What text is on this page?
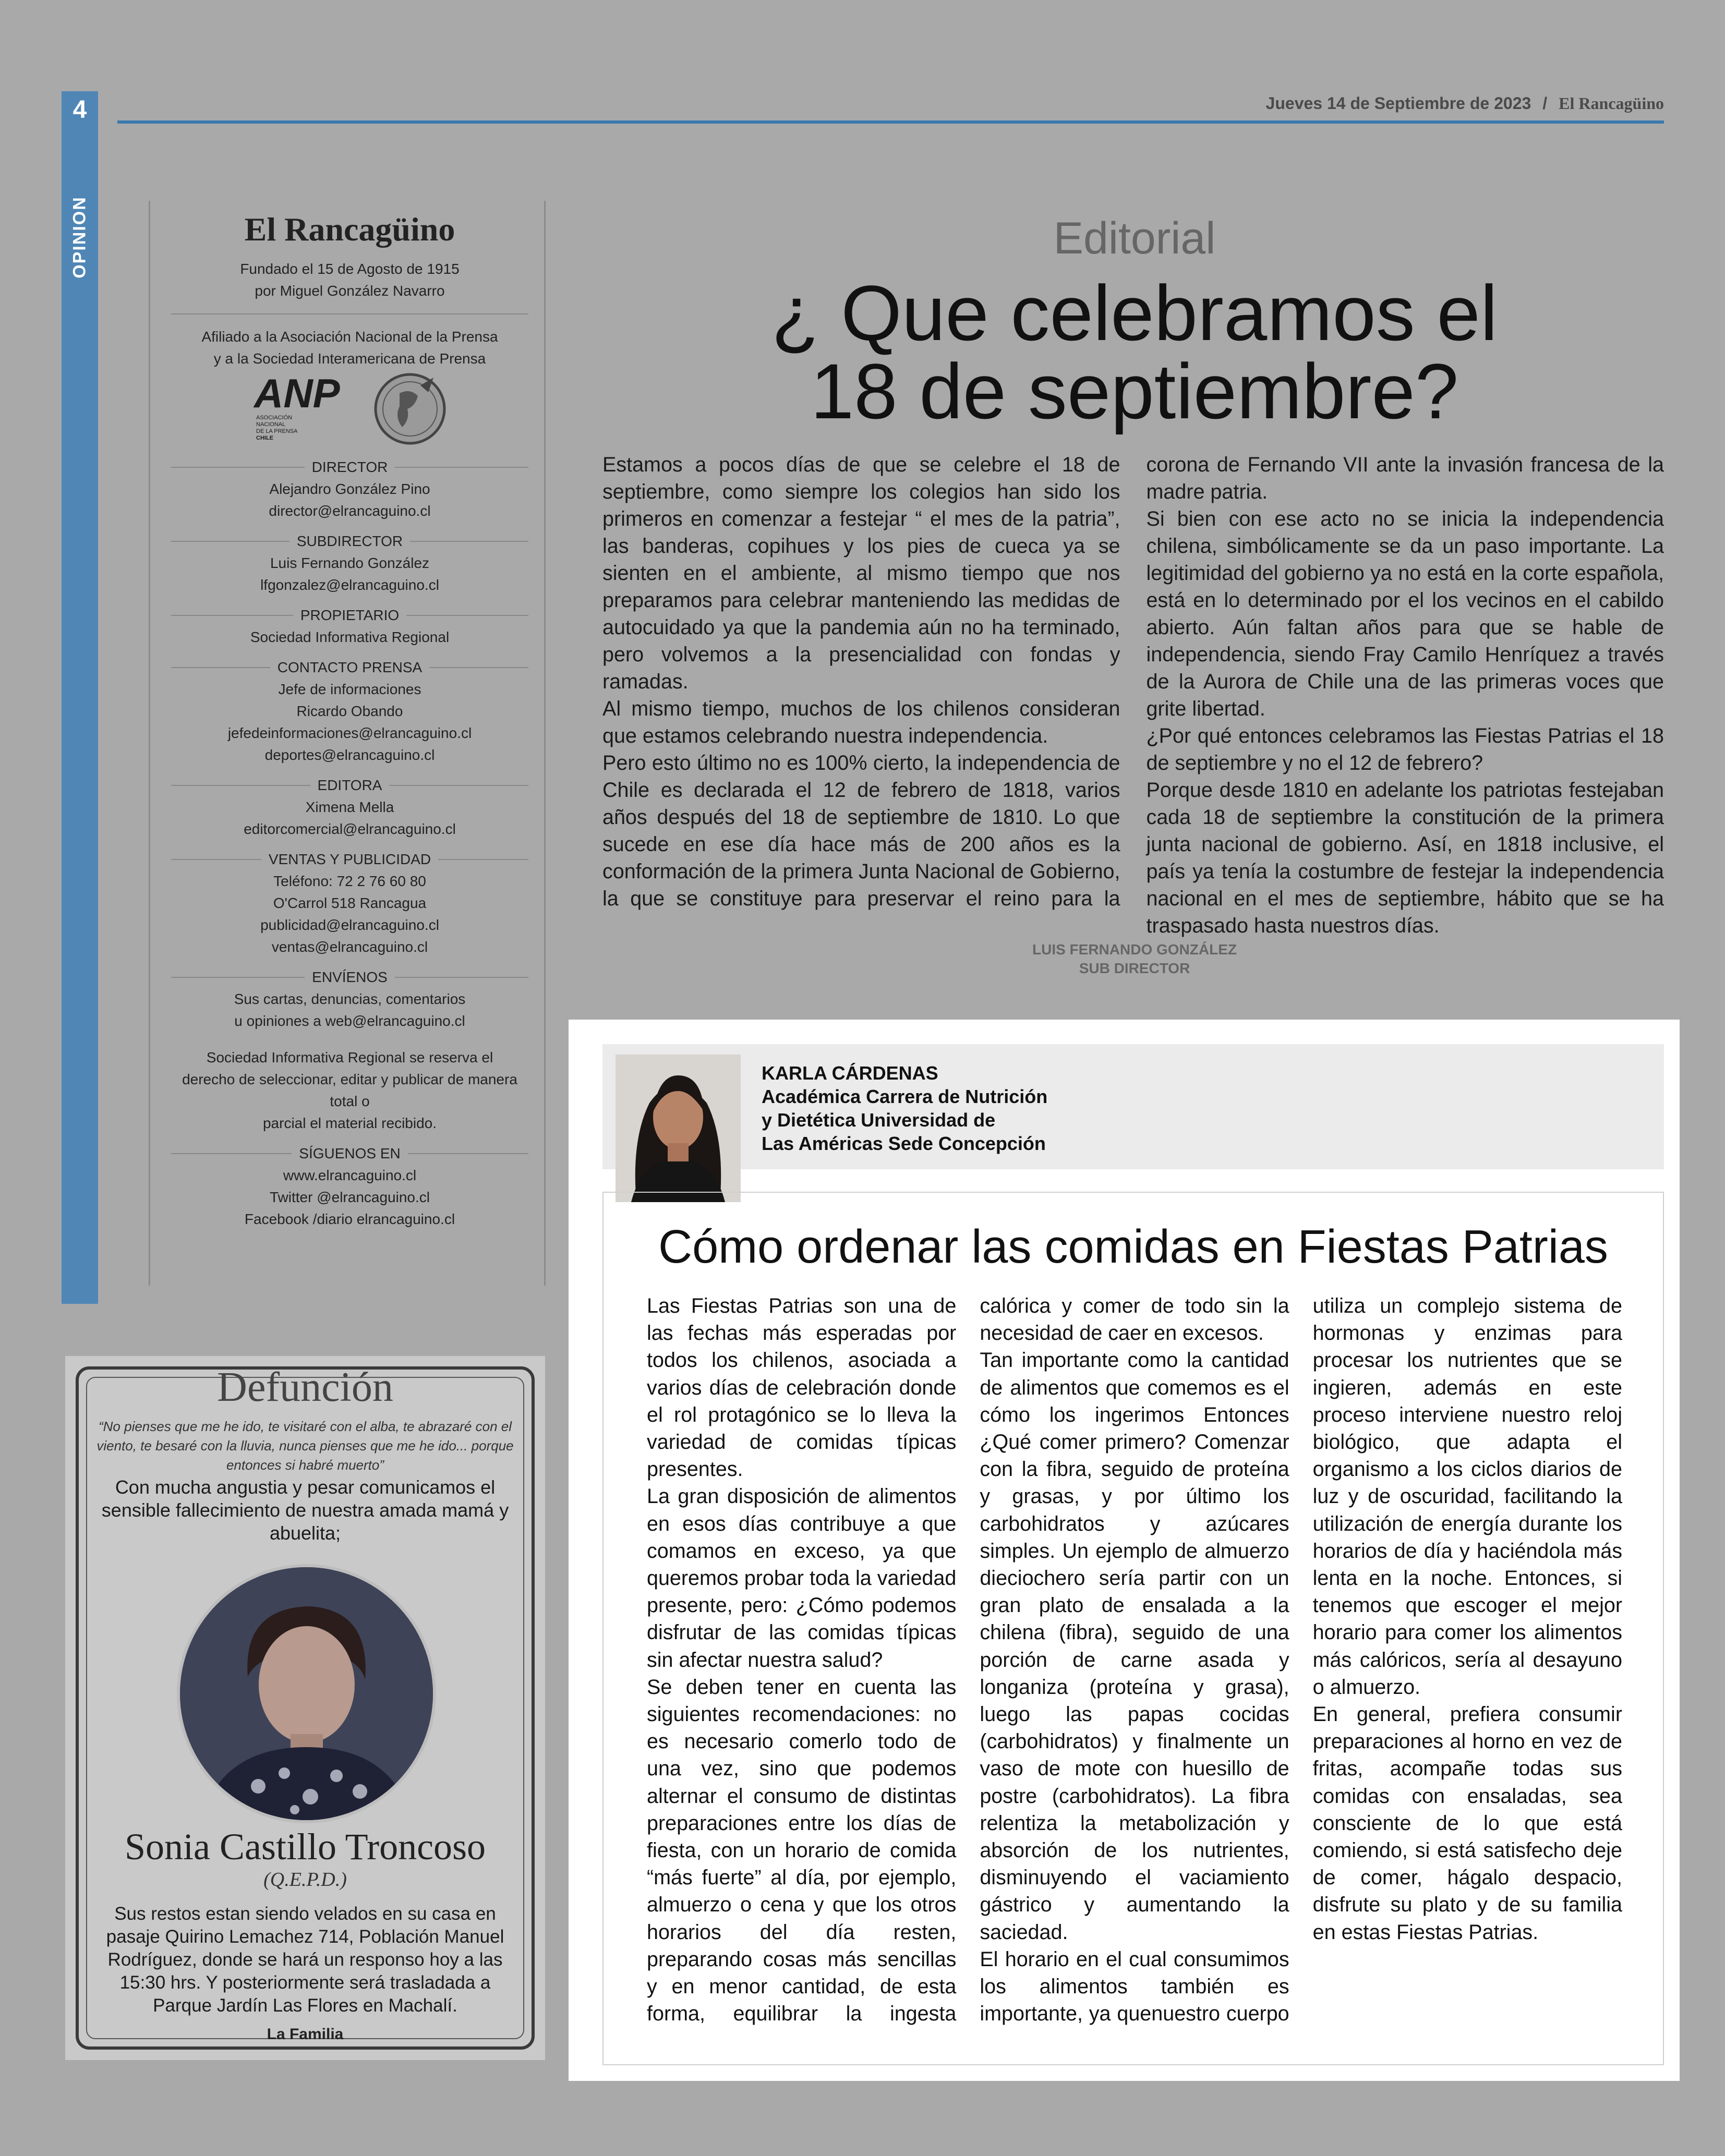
4
OPINION
Jueves 14 de Septiembre de 2023 / El Rancagüino
El Rancagüino
Fundado el 15 de Agosto de 1915
por Miguel González Navarro
Afiliado a la Asociación Nacional de la Prensa
y a la Sociedad Interamericana de Prensa
ANP
ASOCIACIÓN
NACIONAL
DE LA PRENSA
CHILE
DIRECTOR
Alejandro González Pino
director@elrancaguino.cl
SUBDIRECTOR
Luis Fernando González
lfgonzalez@elrancaguino.cl
PROPIETARIO
Sociedad Informativa Regional
CONTACTO PRENSA
Jefe de informaciones
Ricardo Obando
jefedeinformaciones@elrancaguino.cl
deportes@elrancaguino.cl
EDITORA
Ximena Mella
editorcomercial@elrancaguino.cl
VENTAS Y PUBLICIDAD
Teléfono: 72 2 76 60 80
O'Carrol 518 Rancagua
publicidad@elrancaguino.cl
ventas@elrancaguino.cl
ENVÍENOS
Sus cartas, denuncias, comentarios
u opiniones a web@elrancaguino.cl
Sociedad Informativa Regional se reserva el
derecho de seleccionar, editar y publicar de manera total o
parcial el material recibido.
SÍGUENOS EN
www.elrancaguino.cl
Twitter @elrancaguino.cl
Facebook /diario elrancaguino.cl
Editorial
¿ Que celebramos el
18 de septiembre?

Estamos a pocos días de que se celebre el 18 de septiembre, como siempre los colegios han sido los primeros en comenzar a festejar “ el mes de la patria”, las banderas, copihues y los pies de cueca ya se sienten en el ambiente, al mismo tiempo que nos preparamos para celebrar manteniendo las medidas de autocuidado ya que la pandemia aún no ha terminado, pero volvemos a la presencialidad con fondas y ramadas.

Al mismo tiempo, muchos de los chilenos consideran que estamos celebrando nuestra independencia.

Pero esto último no es 100% cierto, la independencia de Chile es declarada el 12 de febrero de 1818, varios años después del 18 de septiembre de 1810. Lo que sucede en ese día hace más de 200 años es la conformación de la primera Junta Nacional de Gobierno, la que se constituye para preservar el reino para la corona de Fernando VII ante la invasión francesa de la madre patria.

Si bien con ese acto no se inicia la independencia chilena, simbólicamente se da un paso importante. La legitimidad del gobierno ya no está en la corte española, está en lo determinado por el los vecinos en el cabildo abierto. Aún faltan años para que se hable de independencia, siendo Fray Camilo Henríquez a través de la Aurora de Chile una de las primeras voces que grite libertad.

¿Por qué entonces celebramos las Fiestas Patrias el 18 de septiembre y no el 12 de febrero?

Porque desde 1810 en adelante los patriotas festejaban cada 18 de septiembre la constitución de la primera junta nacional de gobierno. Así, en 1818 inclusive, el país ya tenía la costumbre de festejar la independencia nacional en el mes de septiembre, hábito que se ha traspasado hasta nuestros días.

LUIS FERNANDO GONZÁLEZ
SUB DIRECTOR
KARLA CÁRDENAS
Académica Carrera de Nutrición
y Dietética Universidad de
Las Américas Sede Concepción
Cómo ordenar las comidas en Fiestas Patrias

Las Fiestas Patrias son una de las fechas más esperadas por todos los chilenos, asociada a varios días de celebración donde el rol protagónico se lo lleva la variedad de comidas típicas presentes.

La gran disposición de alimentos en esos días contribuye a que comamos en exceso, ya que queremos probar toda la variedad presente, pero: ¿Cómo podemos disfrutar de las comidas típicas sin afectar nuestra salud?

Se deben tener en cuenta las siguientes recomendaciones: no es necesario comerlo todo de una vez, sino que podemos alternar el consumo de distintas preparaciones entre los días de fiesta, con un horario de comida “más fuerte” al día, por ejemplo, almuerzo o cena y que los otros horarios del día resten, preparando cosas más sencillas y en menor cantidad, de esta forma, equilibrar la ingesta calórica y comer de todo sin la necesidad de caer en excesos.

Tan importante como la cantidad de alimentos que comemos es el cómo los ingerimos Entonces ¿Qué comer primero? Comenzar con la fibra, seguido de proteína y grasas, y por último los carbohidratos y azúcares simples. Un ejemplo de almuerzo dieciochero sería partir con un gran plato de ensalada a la chilena (fibra), seguido de una porción de carne asada y longaniza (proteína y grasa), luego las papas cocidas (carbohidratos) y finalmente un vaso de mote con huesillo de postre (carbohidratos). La fibra relentiza la metabolización y absorción de los nutrientes, disminuyendo el vaciamiento gástrico y aumentando la saciedad.

El horario en el cual consumimos los alimentos también es importante, ya quenuestro cuerpo utiliza un complejo sistema de hormonas y enzimas para procesar los nutrientes que se ingieren, además en este proceso interviene nuestro reloj biológico, que adapta el organismo a los ciclos diarios de luz y de oscuridad, facilitando la utilización de energía durante los horarios de día y haciéndola más lenta en la noche. Entonces, si tenemos que escoger el mejor horario para comer los alimentos más calóricos, sería al desayuno o almuerzo.

En general, prefiera consumir preparaciones al horno en vez de fritas, acompañe todas sus comidas con ensaladas, sea consciente de lo que está comiendo, si está satisfecho deje de comer, hágalo despacio, disfrute su plato y de su familia en estas Fiestas Patrias.

Defunción
“No pienses que me he ido, te visitaré con el alba, te abrazaré con el viento, te besaré con la lluvia, nunca pienses que me he ido... porque entonces si habré muerto”
Con mucha angustia y pesar comunicamos el sensible fallecimiento de nuestra amada mamá y abuelita;
Sonia Castillo Troncoso
(Q.E.P.D.)
Sus restos estan siendo velados en su casa en pasaje Quirino Lemachez 714, Población Manuel Rodríguez, donde se hará un responso hoy a las 15:30 hrs. Y posteriormente será trasladada a Parque Jardín Las Flores en Machalí.
La Familia
